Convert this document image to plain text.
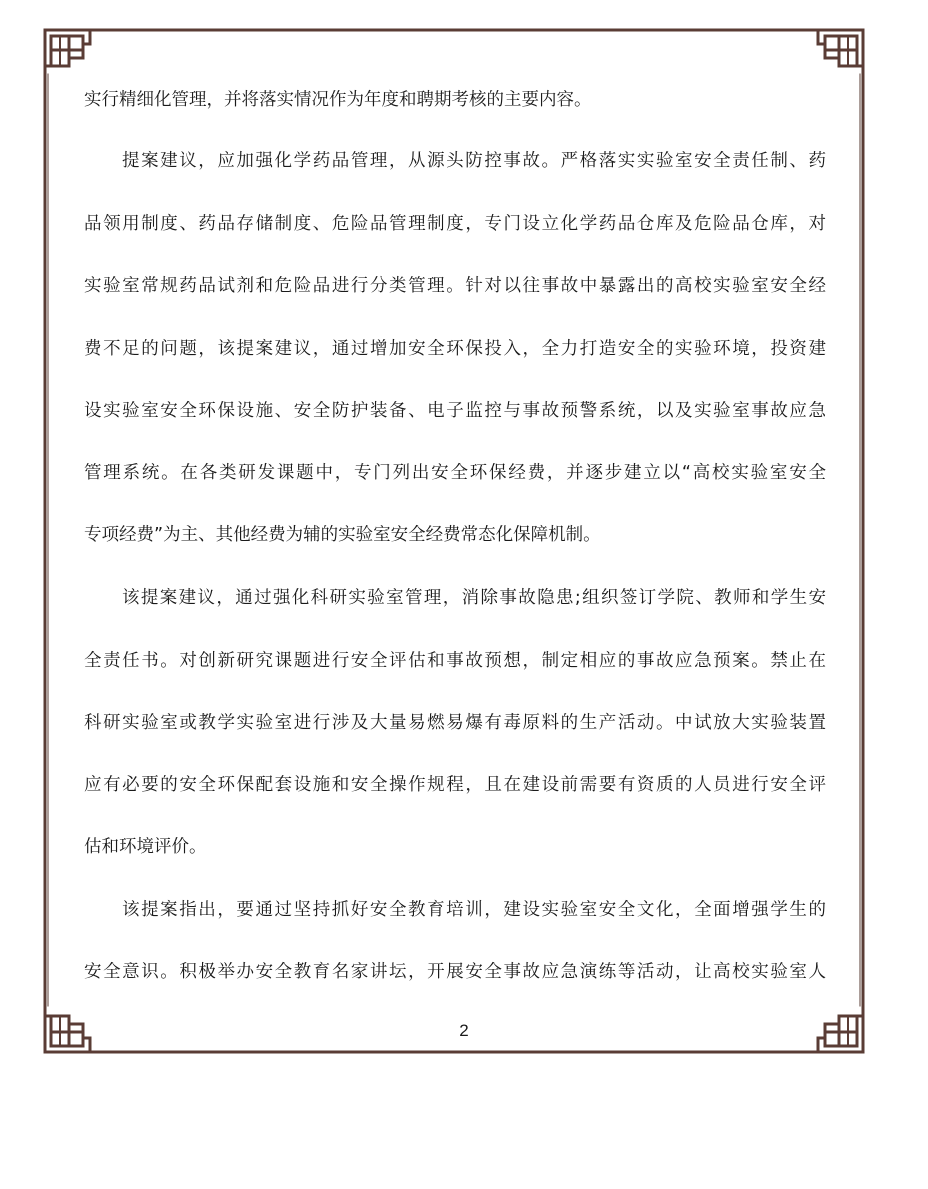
实行精细化管理，并将落实情况作为年度和聘期考核的主要内容。
提案建议，应加强化学药品管理，从源头防控事故。严格落实实验室安全责任制、药
品领用制度、药品存储制度、危险品管理制度，专门设立化学药品仓库及危险品仓库，对
实验室常规药品试剂和危险品进行分类管理。针对以往事故中暴露出的高校实验室安全经
费不足的问题，该提案建议，通过增加安全环保投入，全力打造安全的实验环境，投资建
设实验室安全环保设施、安全防护装备、电子监控与事故预警系统，以及实验室事故应急
管理系统。在各类研发课题中，专门列出安全环保经费，并逐步建立以“高校实验室安全
专项经费”为主、其他经费为辅的实验室安全经费常态化保障机制。
该提案建议，通过强化科研实验室管理，消除事故隐患;组织签订学院、教师和学生安
全责任书。对创新研究课题进行安全评估和事故预想，制定相应的事故应急预案。禁止在
科研实验室或教学实验室进行涉及大量易燃易爆有毒原料的生产活动。中试放大实验装置
应有必要的安全环保配套设施和安全操作规程，且在建设前需要有资质的人员进行安全评
估和环境评价。
该提案指出，要通过坚持抓好安全教育培训，建设实验室安全文化，全面增强学生的
安全意识。积极举办安全教育名家讲坛，开展安全事故应急演练等活动，让高校实验室人
2
